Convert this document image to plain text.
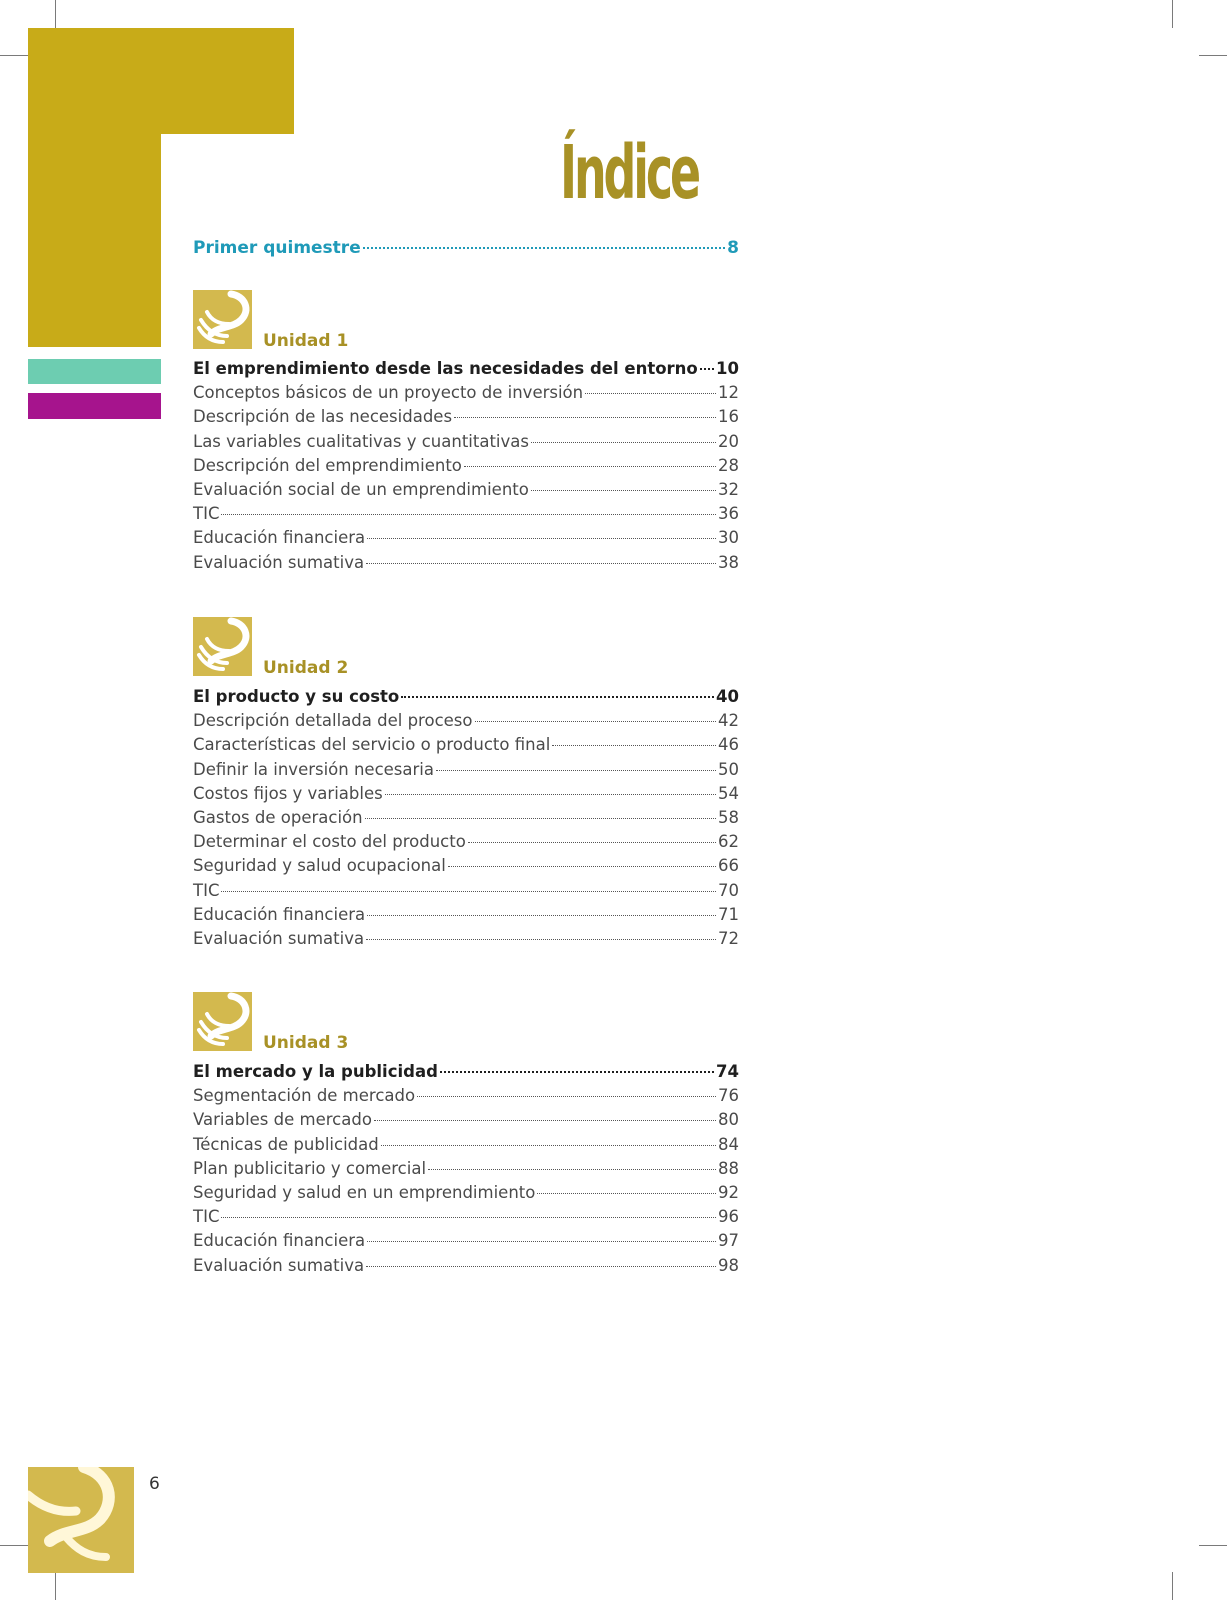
Índice
Primer quimestre	8
Unidad 1
El emprendimiento desde las necesidades del entorno 10
Conceptos básicos de un proyecto de inversión	12
Descripción de las necesidades	16
Las variables cualitativas y cuantitativas	20
Descripción del emprendimiento	28
Evaluación social de un emprendimiento	32
TIC	36
Educación financiera	30
Evaluación sumativa	38
Unidad 2
El producto y su costo	40
Descripción detallada del proceso	42
Características del servicio o producto final	46
Definir la inversión necesaria	50
Costos fijos y variables	54
Gastos de operación	58
Determinar el costo del producto	62
Seguridad y salud ocupacional	66
TIC	70
Educación financiera	71
Evaluación sumativa	72
Unidad 3
El mercado y la publicidad	74
Segmentación de mercado	76
Variables de mercado	80
Técnicas de publicidad	84
Plan publicitario y comercial	88
Seguridad y salud en un emprendimiento	92
TIC	96
Educación financiera	97
Evaluación sumativa	98
6
